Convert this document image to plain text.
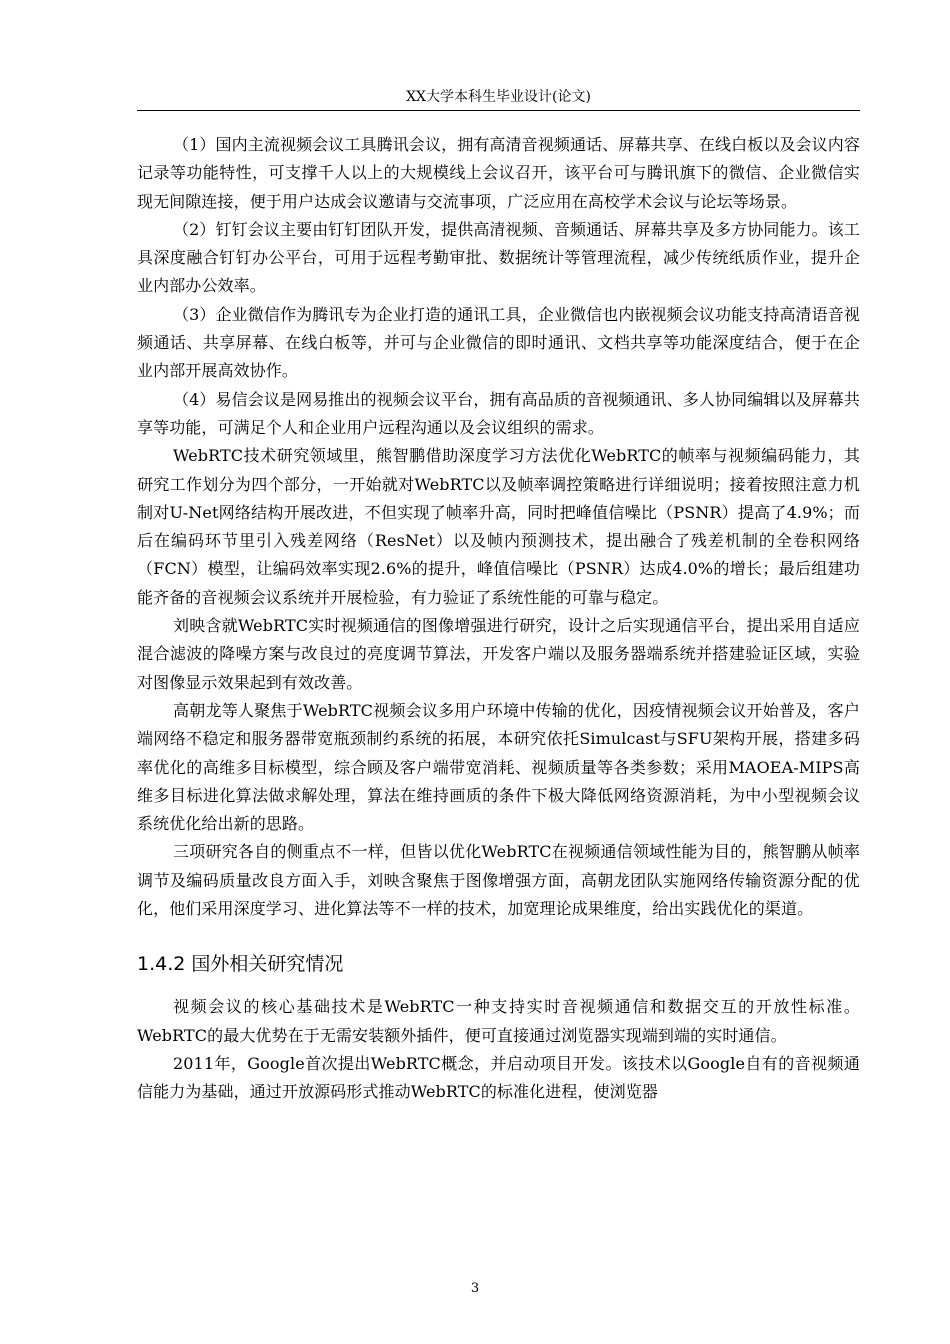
XX大学本科生毕业设计(论文)

（1）国内主流视频会议工具腾讯会议，拥有高清音视频通话、屏幕共享、在线白板以及会议内容记录等功能特性，可支撑千人以上的大规模线上会议召开，该平台可与腾讯旗下的微信、企业微信实现无间隙连接，便于用户达成会议邀请与交流事项，广泛应用在高校学术会议与论坛等场景。

（2）钉钉会议主要由钉钉团队开发，提供高清视频、音频通话、屏幕共享及多方协同能力。该工具深度融合钉钉办公平台，可用于远程考勤审批、数据统计等管理流程，减少传统纸质作业，提升企业内部办公效率。

（3）企业微信作为腾讯专为企业打造的通讯工具，企业微信也内嵌视频会议功能支持高清语音视频通话、共享屏幕、在线白板等，并可与企业微信的即时通讯、文档共享等功能深度结合，便于在企业内部开展高效协作。

（4）易信会议是网易推出的视频会议平台，拥有高品质的音视频通讯、多人协同编辑以及屏幕共享等功能，可满足个人和企业用户远程沟通以及会议组织的需求。

WebRTC技术研究领域里，熊智鹏借助深度学习方法优化WebRTC的帧率与视频编码能力，其研究工作划分为四个部分，一开始就对WebRTC以及帧率调控策略进行详细说明；接着按照注意力机制对U-Net网络结构开展改进，不但实现了帧率升高，同时把峰值信噪比（PSNR）提高了4.9%；而后在编码环节里引入残差网络（ResNet）以及帧内预测技术，提出融合了残差机制的全卷积网络（FCN）模型，让编码效率实现2.6%的提升，峰值信噪比（PSNR）达成4.0%的增长；最后组建功能齐备的音视频会议系统并开展检验，有力验证了系统性能的可靠与稳定。

刘映含就WebRTC实时视频通信的图像增强进行研究，设计之后实现通信平台，提出采用自适应混合滤波的降噪方案与改良过的亮度调节算法，开发客户端以及服务器端系统并搭建验证区域，实验对图像显示效果起到有效改善。

高朝龙等人聚焦于WebRTC视频会议多用户环境中传输的优化，因疫情视频会议开始普及，客户端网络不稳定和服务器带宽瓶颈制约系统的拓展，本研究依托Simulcast与SFU架构开展，搭建多码率优化的高维多目标模型，综合顾及客户端带宽消耗、视频质量等各类参数；采用MAOEA-MIPS高维多目标进化算法做求解处理，算法在维持画质的条件下极大降低网络资源消耗，为中小型视频会议系统优化给出新的思路。

三项研究各自的侧重点不一样，但皆以优化WebRTC在视频通信领域性能为目的，熊智鹏从帧率调节及编码质量改良方面入手，刘映含聚焦于图像增强方面，高朝龙团队实施网络传输资源分配的优化，他们采用深度学习、进化算法等不一样的技术，加宽理论成果维度，给出实践优化的渠道。

1.4.2 国外相关研究情况

视频会议的核心基础技术是WebRTC一种支持实时音视频通信和数据交互的开放性标准。WebRTC的最大优势在于无需安装额外插件，便可直接通过浏览器实现端到端的实时通信。

2011年，Google首次提出WebRTC概念，并启动项目开发。该技术以Google自有的音视频通信能力为基础，通过开放源码形式推动WebRTC的标准化进程，使浏览器

3
